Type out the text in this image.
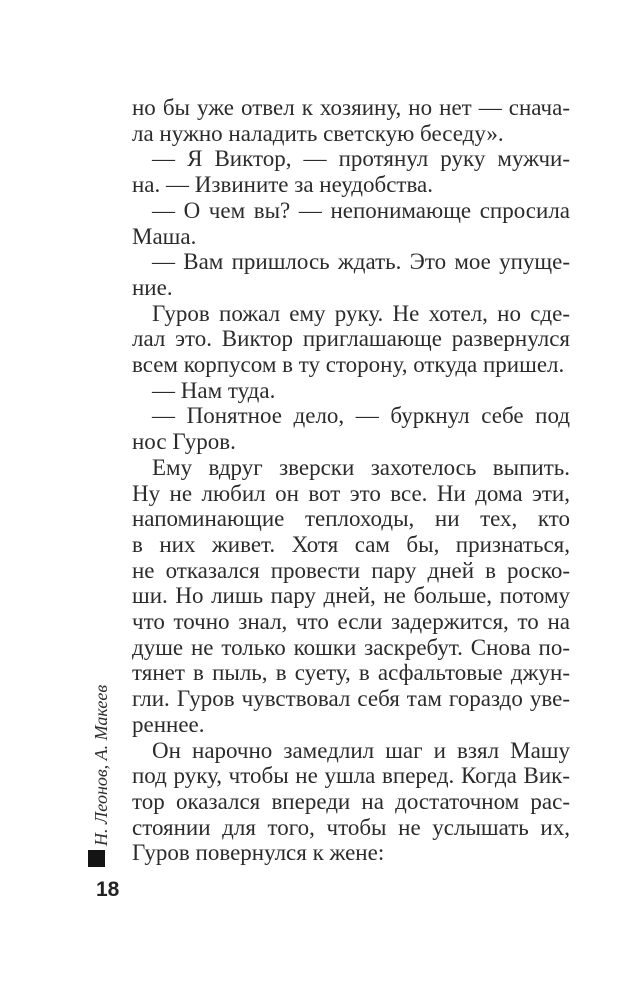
но бы уже отвел к хозяину, но нет — снача-
ла нужно наладить светскую беседу».
— Я Виктор, — протянул руку мужчи-
на. — Извините за неудобства.
— О чем вы? — непонимающе спросила
Маша.
— Вам пришлось ждать. Это мое упуще-
ние.
Гуров пожал ему руку. Не хотел, но сде-
лал это. Виктор приглашающе развернулся
всем корпусом в ту сторону, откуда пришел.
— Нам туда.
— Понятное дело, — буркнул себе под
нос Гуров.
Ему вдруг зверски захотелось выпить.
Ну не любил он вот это все. Ни дома эти,
напоминающие теплоходы, ни тех, кто
в них живет. Хотя сам бы, признаться,
не отказался провести пару дней в роско-
ши. Но лишь пару дней, не больше, потому
что точно знал, что если задержится, то на
душе не только кошки заскребут. Снова по-
тянет в пыль, в суету, в асфальтовые джун-
гли. Гуров чувствовал себя там гораздо уве-
реннее.
Он нарочно замедлил шаг и взял Машу
под руку, чтобы не ушла вперед. Когда Вик-
тор оказался впереди на достаточном рас-
стоянии для того, чтобы не услышать их,
Гуров повернулся к жене:
Н. Леонов, А. Макеев
18
